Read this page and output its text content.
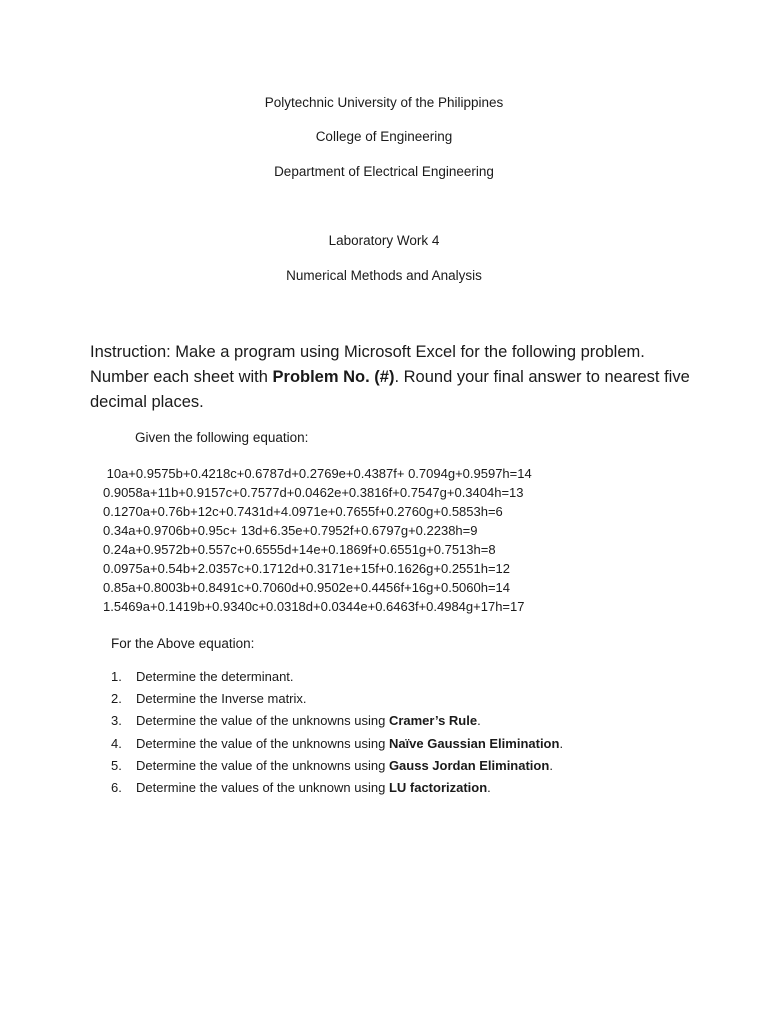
Polytechnic University of the Philippines
College of Engineering
Department of Electrical Engineering
Laboratory Work 4
Numerical Methods and Analysis
Instruction: Make a program using Microsoft Excel for the following problem. Number each sheet with Problem No. (#). Round your final answer to nearest five decimal places.
Given the following equation:
10a+0.9575b+0.4218c+0.6787d+0.2769e+0.4387f+ 0.7094g+0.9597h=14
0.9058a+11b+0.9157c+0.7577d+0.0462e+0.3816f+0.7547g+0.3404h=13
0.1270a+0.76b+12c+0.7431d+4.0971e+0.7655f+0.2760g+0.5853h=6
0.34a+0.9706b+0.95c+ 13d+6.35e+0.7952f+0.6797g+0.2238h=9
0.24a+0.9572b+0.557c+0.6555d+14e+0.1869f+0.6551g+0.7513h=8
0.0975a+0.54b+2.0357c+0.1712d+0.3171e+15f+0.1626g+0.2551h=12
0.85a+0.8003b+0.8491c+0.7060d+0.9502e+0.4456f+16g+0.5060h=14
1.5469a+0.1419b+0.9340c+0.0318d+0.0344e+0.6463f+0.4984g+17h=17
For the Above equation:
1. Determine the determinant.
2. Determine the Inverse matrix.
3. Determine the value of the unknowns using Cramer’s Rule.
4. Determine the value of the unknowns using Naïve Gaussian Elimination.
5. Determine the value of the unknowns using Gauss Jordan Elimination.
6. Determine the values of the unknown using LU factorization.
